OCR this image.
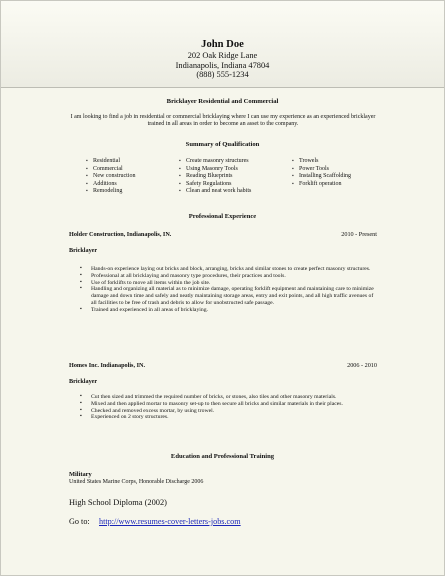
John Doe
202 Oak Ridge Lane
Indianapolis, Indiana 47804
(888) 555-1234
Bricklayer Residential and Commercial
I am looking to find a job in residential or commercial bricklaying where I can use my experience as an experienced bricklayer trained in all areas in order to become an asset to the company.
Summary of Qualification
▪ Residential
▪ Commercial
▪ New construction
▪ Additions
▪ Remodeling
▪ Create masonry structures
▪ Using Masonry Tools
▪ Reading Blueprints
▪ Safety Regulations
▪ Clean and neat work habits
▪ Trowels
▪ Power Tools
▪ Installing Scaffolding
▪ Forklift operation
Professional Experience
Holder Construction, Indianapolis, IN.	2010 - Present
Bricklayer
▪ Hands-on experience laying out bricks and block, arranging, bricks and similar stones to create perfect masonry structures.
▪ Professional at all bricklaying and masonry type procedures, their practices and tools.
▪ Use of forklifts to move all items within the job site.
▪ Handling and organizing all material as to minimize damage, operating forklift equipment and maintaining care to minimize damage and down time and safely and neatly maintaining storage areas, entry and exit points, and all high traffic avenues of all facilities to be free of trash and debris to allow for unobstructed safe passage.
▪ Trained and experienced in all areas of bricklaying.
Homes Inc. Indianapolis, IN.	2006 - 2010
Bricklayer
▪ Cut then sized and trimmed the required number of bricks, or stones, also tiles and other masonry materials.
▪ Mixed and then applied mortar to masonry set-up to then secure all bricks and similar materials in their places.
▪ Checked and removed excess mortar, by using trowel.
▪ Experienced on 2 story structures.
Education and Professional Training
Military
United States Marine Corps, Honorable Discharge 2006
High School Diploma (2002)
Go to: http://www.resumes-cover-letters-jobs.com
